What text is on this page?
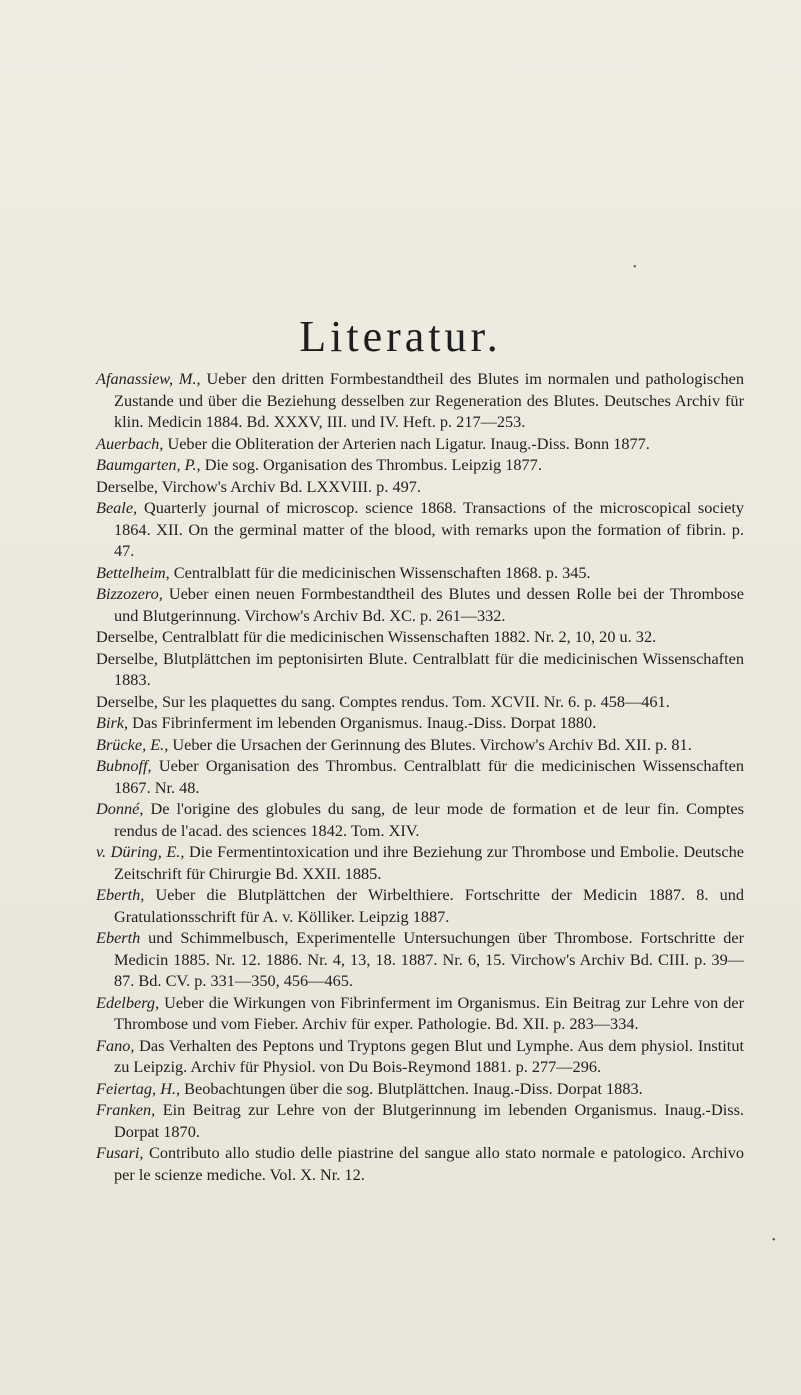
•
•
Literatur.
Afanassiew, M., Ueber den dritten Formbestandtheil des Blutes im normalen und pathologischen Zustande und über die Beziehung desselben zur Regeneration des Blutes. Deutsches Archiv für klin. Medicin 1884. Bd. XXXV, III. und IV. Heft. p. 217—253.
Auerbach, Ueber die Obliteration der Arterien nach Ligatur. Inaug.-Diss. Bonn 1877.
Baumgarten, P., Die sog. Organisation des Thrombus. Leipzig 1877.
Derselbe, Virchow's Archiv Bd. LXXVIII. p. 497.
Beale, Quarterly journal of microscop. science 1868. Transactions of the microscopical society 1864. XII. On the germinal matter of the blood, with remarks upon the formation of fibrin. p. 47.
Bettelheim, Centralblatt für die medicinischen Wissenschaften 1868. p. 345.
Bizzozero, Ueber einen neuen Formbestandtheil des Blutes und dessen Rolle bei der Thrombose und Blutgerinnung. Virchow's Archiv Bd. XC. p. 261—332.
Derselbe, Centralblatt für die medicinischen Wissenschaften 1882. Nr. 2, 10, 20 u. 32.
Derselbe, Blutplättchen im peptonisirten Blute. Centralblatt für die medicinischen Wissenschaften 1883.
Derselbe, Sur les plaquettes du sang. Comptes rendus. Tom. XCVII. Nr. 6. p. 458—461.
Birk, Das Fibrinferment im lebenden Organismus. Inaug.-Diss. Dorpat 1880.
Brücke, E., Ueber die Ursachen der Gerinnung des Blutes. Virchow's Archiv Bd. XII. p. 81.
Bubnoff, Ueber Organisation des Thrombus. Centralblatt für die medicinischen Wissenschaften 1867. Nr. 48.
Donné, De l'origine des globules du sang, de leur mode de formation et de leur fin. Comptes rendus de l'acad. des sciences 1842. Tom. XIV.
v. Düring, E., Die Fermentintoxication und ihre Beziehung zur Thrombose und Embolie. Deutsche Zeitschrift für Chirurgie Bd. XXII. 1885.
Eberth, Ueber die Blutplättchen der Wirbelthiere. Fortschritte der Medicin 1887. 8. und Gratulationsschrift für A. v. Kölliker. Leipzig 1887.
Eberth und Schimmelbusch, Experimentelle Untersuchungen über Thrombose. Fortschritte der Medicin 1885. Nr. 12. 1886. Nr. 4, 13, 18. 1887. Nr. 6, 15. Virchow's Archiv Bd. CIII. p. 39—87. Bd. CV. p. 331—350, 456—465.
Edelberg, Ueber die Wirkungen von Fibrinferment im Organismus. Ein Beitrag zur Lehre von der Thrombose und vom Fieber. Archiv für exper. Pathologie. Bd. XII. p. 283—334.
Fano, Das Verhalten des Peptons und Tryptons gegen Blut und Lymphe. Aus dem physiol. Institut zu Leipzig. Archiv für Physiol. von Du Bois-Reymond 1881. p. 277—296.
Feiertag, H., Beobachtungen über die sog. Blutplättchen. Inaug.-Diss. Dorpat 1883.
Franken, Ein Beitrag zur Lehre von der Blutgerinnung im lebenden Organismus. Inaug.-Diss. Dorpat 1870.
Fusari, Contributo allo studio delle piastrine del sangue allo stato normale e patologico. Archivo per le scienze mediche. Vol. X. Nr. 12.
